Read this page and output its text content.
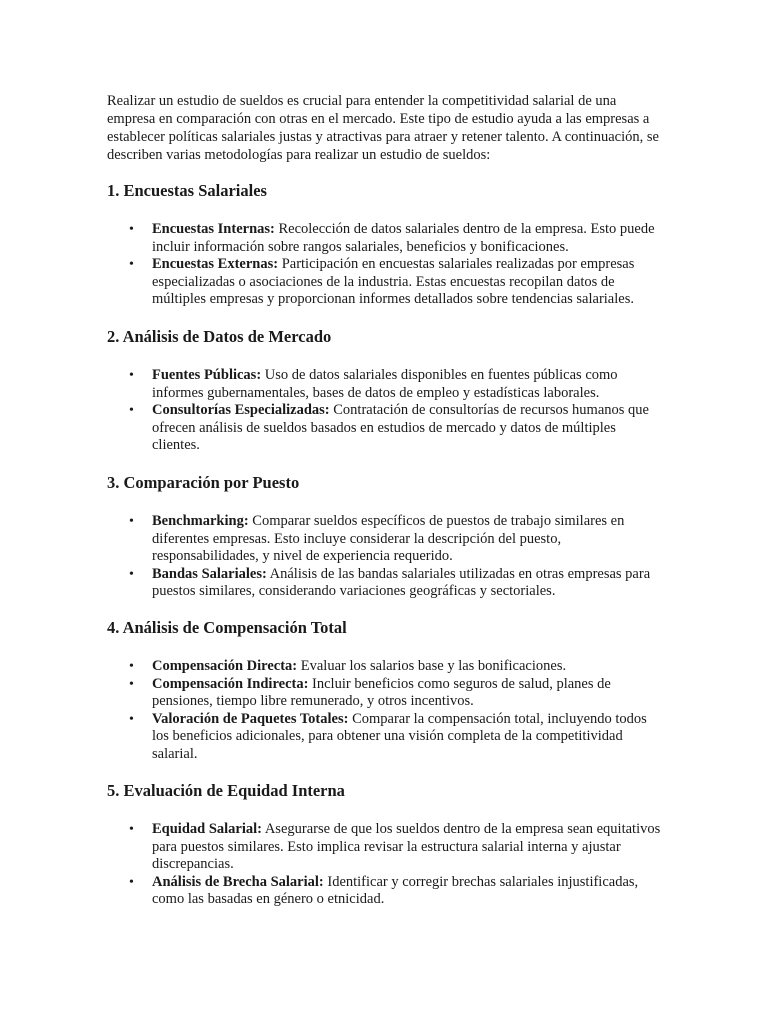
Realizar un estudio de sueldos es crucial para entender la competitividad salarial de una empresa en comparación con otras en el mercado. Este tipo de estudio ayuda a las empresas a establecer políticas salariales justas y atractivas para atraer y retener talento. A continuación, se describen varias metodologías para realizar un estudio de sueldos:

1. Encuestas Salariales
• Encuestas Internas: Recolección de datos salariales dentro de la empresa. Esto puede incluir información sobre rangos salariales, beneficios y bonificaciones.
• Encuestas Externas: Participación en encuestas salariales realizadas por empresas especializadas o asociaciones de la industria. Estas encuestas recopilan datos de múltiples empresas y proporcionan informes detallados sobre tendencias salariales.
2. Análisis de Datos de Mercado
• Fuentes Públicas: Uso de datos salariales disponibles en fuentes públicas como informes gubernamentales, bases de datos de empleo y estadísticas laborales.
• Consultorías Especializadas: Contratación de consultorías de recursos humanos que ofrecen análisis de sueldos basados en estudios de mercado y datos de múltiples clientes.
3. Comparación por Puesto
• Benchmarking: Comparar sueldos específicos de puestos de trabajo similares en diferentes empresas. Esto incluye considerar la descripción del puesto, responsabilidades, y nivel de experiencia requerido.
• Bandas Salariales: Análisis de las bandas salariales utilizadas en otras empresas para puestos similares, considerando variaciones geográficas y sectoriales.
4. Análisis de Compensación Total
• Compensación Directa: Evaluar los salarios base y las bonificaciones.
• Compensación Indirecta: Incluir beneficios como seguros de salud, planes de pensiones, tiempo libre remunerado, y otros incentivos.
• Valoración de Paquetes Totales: Comparar la compensación total, incluyendo todos los beneficios adicionales, para obtener una visión completa de la competitividad salarial.
5. Evaluación de Equidad Interna
• Equidad Salarial: Asegurarse de que los sueldos dentro de la empresa sean equitativos para puestos similares. Esto implica revisar la estructura salarial interna y ajustar discrepancias.
• Análisis de Brecha Salarial: Identificar y corregir brechas salariales injustificadas, como las basadas en género o etnicidad.
